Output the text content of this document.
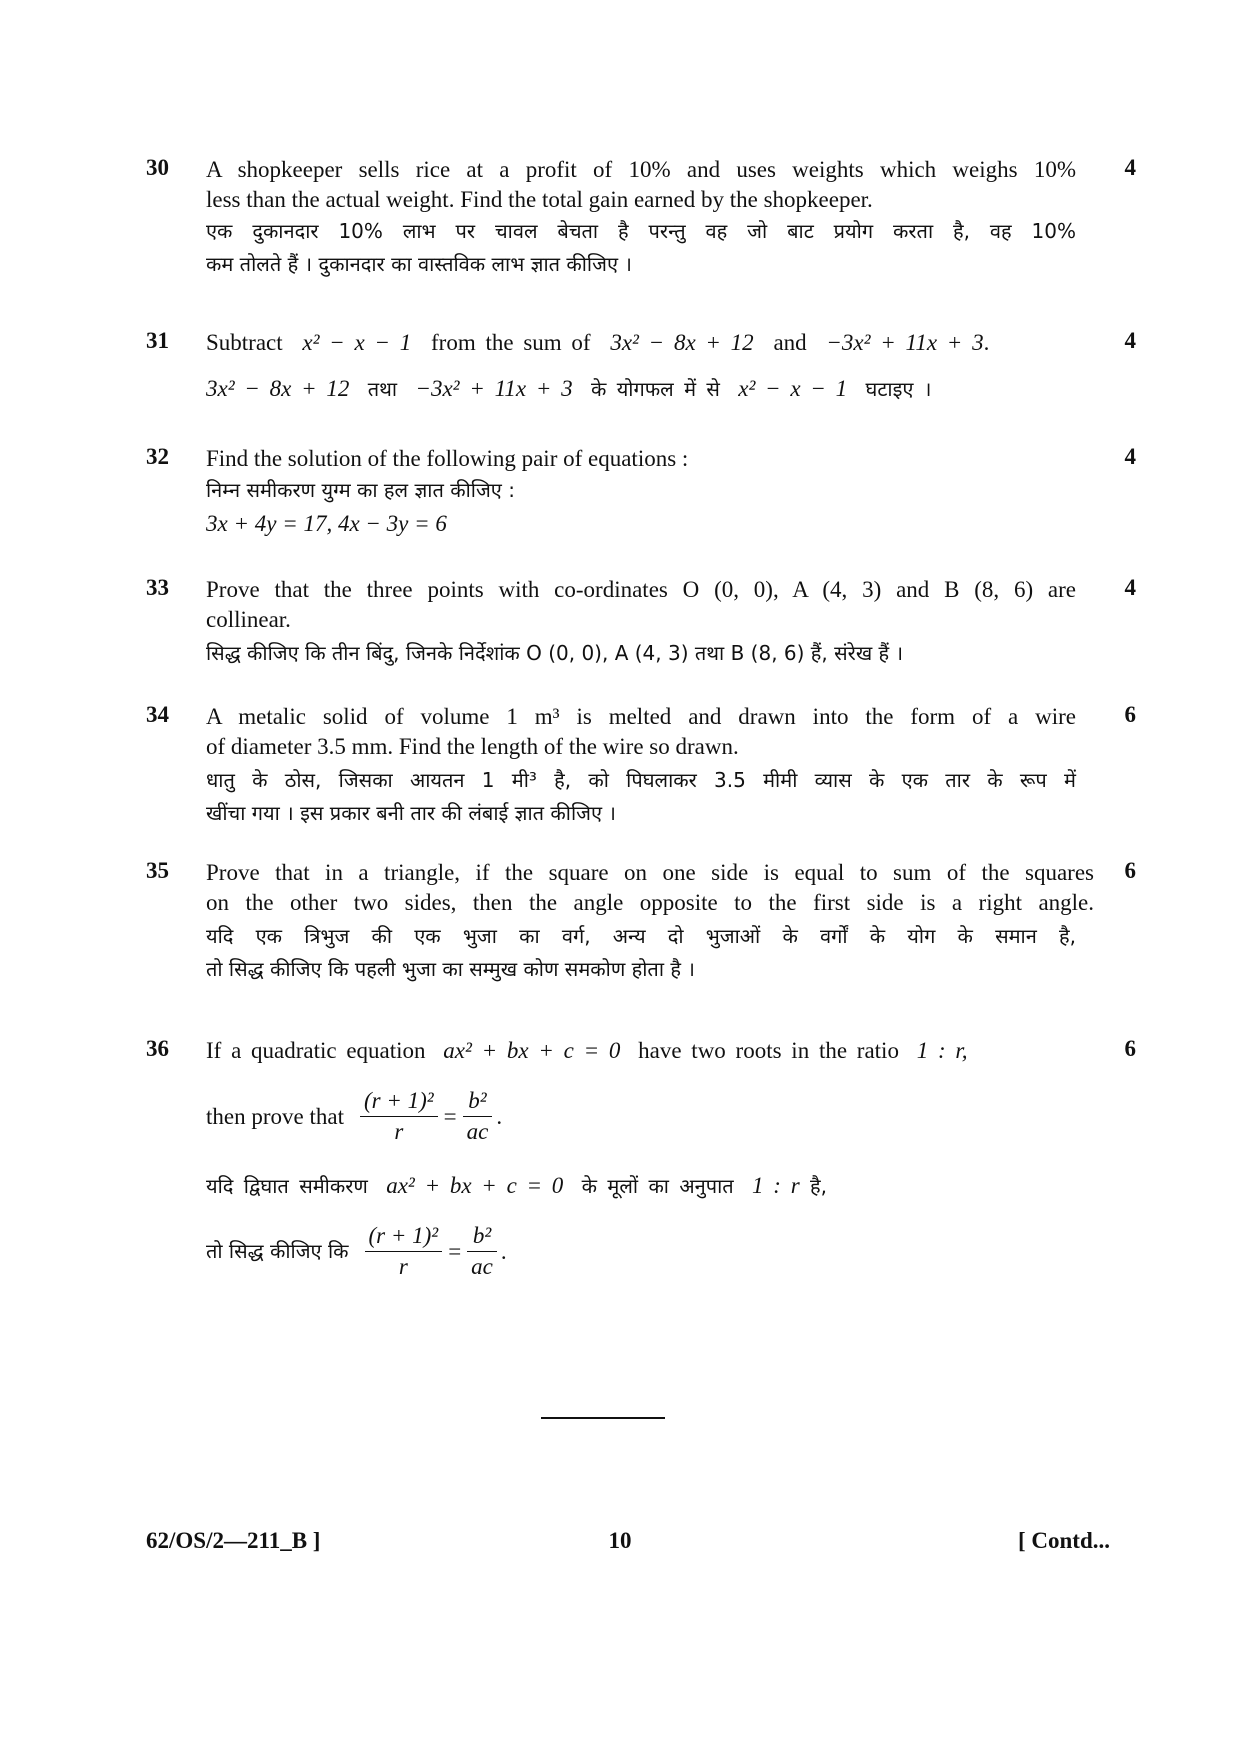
30 A shopkeeper sells rice at a profit of 10% and uses weights which weighs 10%
less than the actual weight. Find the total gain earned by the shopkeeper.
एक दुकानदार 10% लाभ पर चावल बेचता है परन्तु वह जो बाट प्रयोग करता है, वह 10%
कम तोलते हैं । दुकानदार का वास्तविक लाभ ज्ञात कीजिए ।
4
31 Subtract x² − x − 1 from the sum of 3x² − 8x + 12 and −3x² + 11x + 3.
3x² − 8x + 12 तथा −3x² + 11x + 3 के योगफल में से x² − x − 1 घटाइए ।
4
32 Find the solution of the following pair of equations :
निम्न समीकरण युग्म का हल ज्ञात कीजिए :
3x + 4y = 17, 4x − 3y = 6
4
33 Prove that the three points with co-ordinates O (0, 0), A (4, 3) and B (8, 6) are
collinear.
सिद्ध कीजिए कि तीन बिंदु, जिनके निर्देशांक O (0, 0), A (4, 3) तथा B (8, 6) हैं, संरेख हैं ।
4
34 A metalic solid of volume 1 m³ is melted and drawn into the form of a wire
of diameter 3.5 mm. Find the length of the wire so drawn.
धातु के ठोस, जिसका आयतन 1 मी³ है, को पिघलाकर 3.5 मीमी व्यास के एक तार के रूप में
खींचा गया । इस प्रकार बनी तार की लंबाई ज्ञात कीजिए ।
6
35 Prove that in a triangle, if the square on one side is equal to sum of the squares
on the other two sides, then the angle opposite to the first side is a right angle.
यदि एक त्रिभुज की एक भुजा का वर्ग, अन्य दो भुजाओं के वर्गों के योग के समान है,
तो सिद्ध कीजिए कि पहली भुजा का सम्मुख कोण समकोण होता है ।
6
36 If a quadratic equation ax² + bx + c = 0 have two roots in the ratio 1 : r,
then prove that $\frac{\text{(r + 1)²}}{r} = \frac{\text{b²}}{ac}$ .
यदि द्विघात समीकरण ax² + bx + c = 0 के मूलों का अनुपात 1 : r है,
तो सिद्ध कीजिए कि $\frac{\text{(r + 1)²}}{r} = \frac{\text{b²}}{ac}$ .
6
62/OS/2—211_B ]	10	[ Contd...
